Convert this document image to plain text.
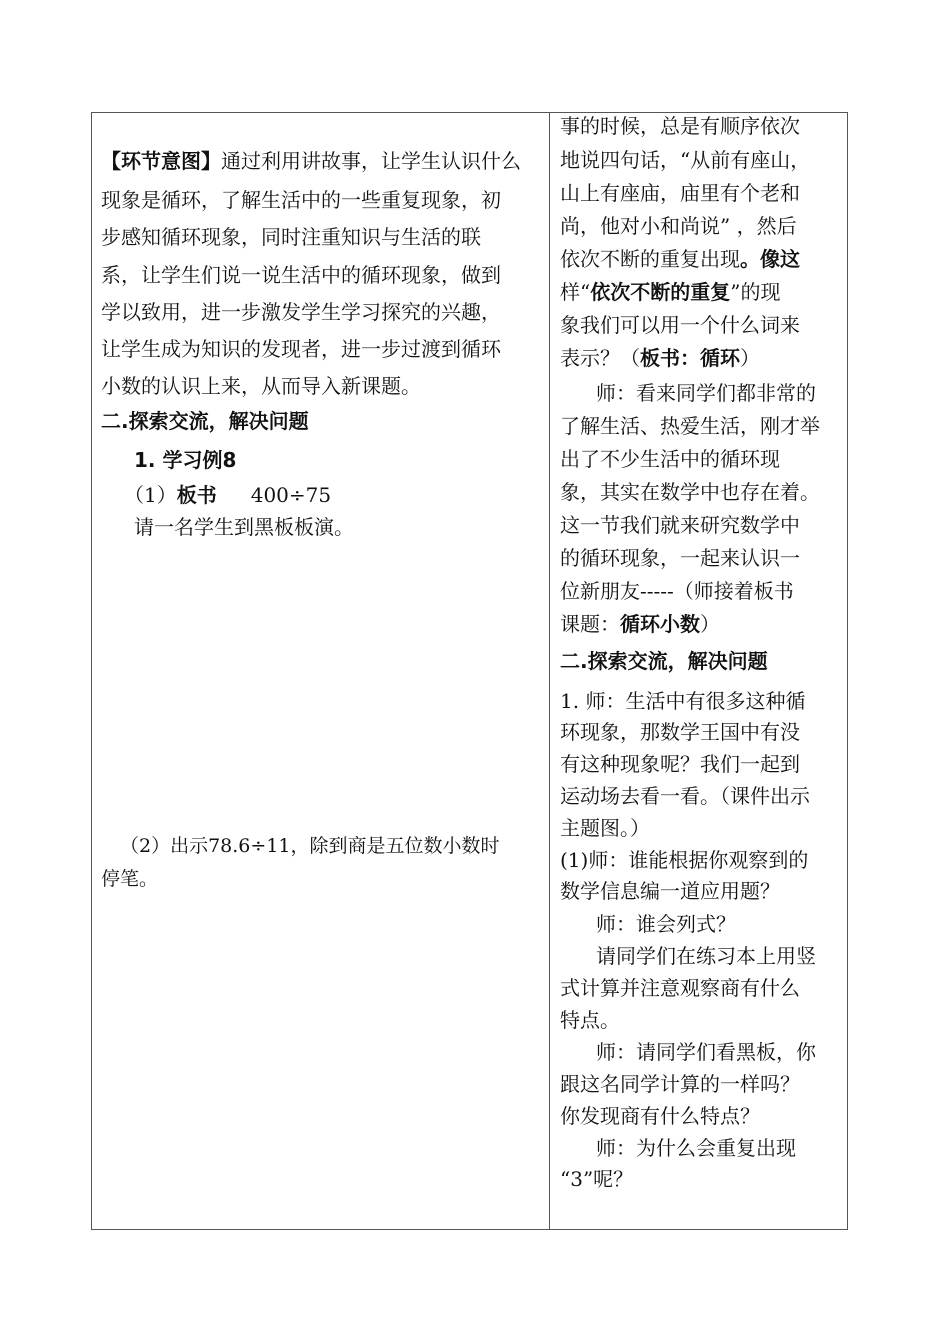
【环节意图】通过利用讲故事，让学生认识什么
现象是循环，了解生活中的一些重复现象，初
步感知循环现象，同时注重知识与生活的联
系，让学生们说一说生活中的循环现象，做到
学以致用，进一步激发学生学习探究的兴趣，
让学生成为知识的发现者，进一步过渡到循环
小数的认识上来，从而导入新课题。
二.探索交流，解决问题
1. 学习例8
（1）板书 400÷75
请一名学生到黑板板演。
（2）出示78.6÷11，除到商是五位数小数时
停笔。
事的时候，总是有顺序依次
地说四句话，“从前有座山，
山上有座庙，庙里有个老和
尚，他对小和尚说” ，然后
依次不断的重复出现。像这
样“依次不断的重复”的现
象我们可以用一个什么词来
表示？（板书：循环）
师：看来同学们都非常的
了解生活、热爱生活，刚才举
出了不少生活中的循环现
象，其实在数学中也存在着。
这一节我们就来研究数学中
的循环现象，一起来认识一
位新朋友-----（师接着板书
课题：循环小数）
二.探索交流，解决问题
1. 师：生活中有很多这种循
环现象，那数学王国中有没
有这种现象呢？我们一起到
运动场去看一看。（课件出示
主题图。）
(1)师：谁能根据你观察到的
数学信息编一道应用题？
师：谁会列式？
请同学们在练习本上用竖
式计算并注意观察商有什么
特点。
师：请同学们看黑板，你
跟这名同学计算的一样吗？
你发现商有什么特点？
师：为什么会重复出现
“3”呢？
